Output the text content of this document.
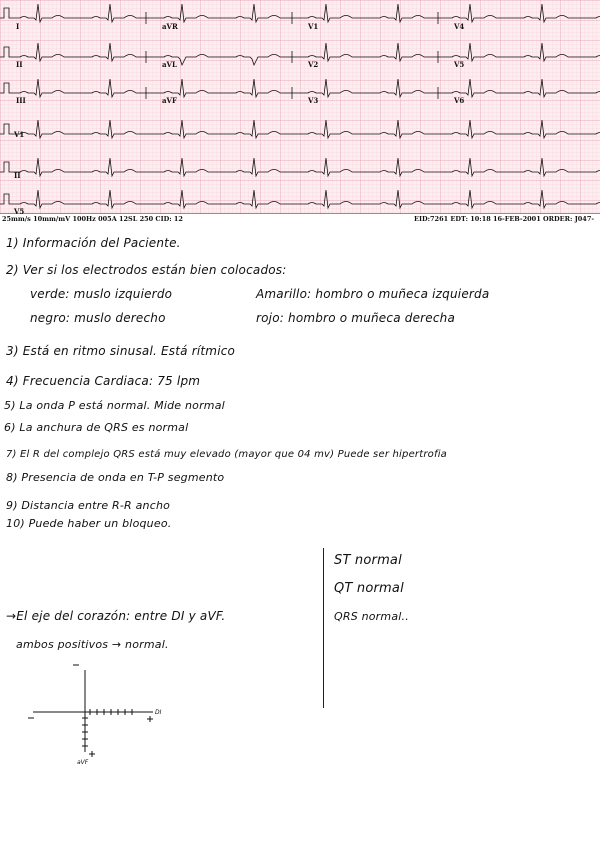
I	aVR	V1	V4
II	aVL	V2	V5
III	aVF	V3	V6
V1
II
V5
25mm/s 10mm/mV 100Hz 005A 12SL 250 CID: 12	EID:7261 EDT: 10:18 16-FEB-2001 ORDER: J047-
1) Información del Paciente.
2) Ver si los electrodos están bien colocados:
verde: muslo izquierdo	Amarillo: hombro o muñeca izquierda
negro: muslo derecho	rojo: hombro o muñeca derecha
3) Está en ritmo sinusal. Está rítmico
4) Frecuencia Cardiaca: 75 lpm
5) La onda P está normal. Mide normal
6) La anchura de QRS es normal
7) El R del complejo QRS está muy elevado (mayor que 04 mv) Puede ser hipertrofia
8) Presencia de onda en T-P segmento
9) Distancia entre R-R ancho
10) Puede haber un bloqueo.
→El eje del corazón: entre DI y aVF.
ambos positivos → normal.
ST normal
QT normal
QRS normal..
DI
aVF
